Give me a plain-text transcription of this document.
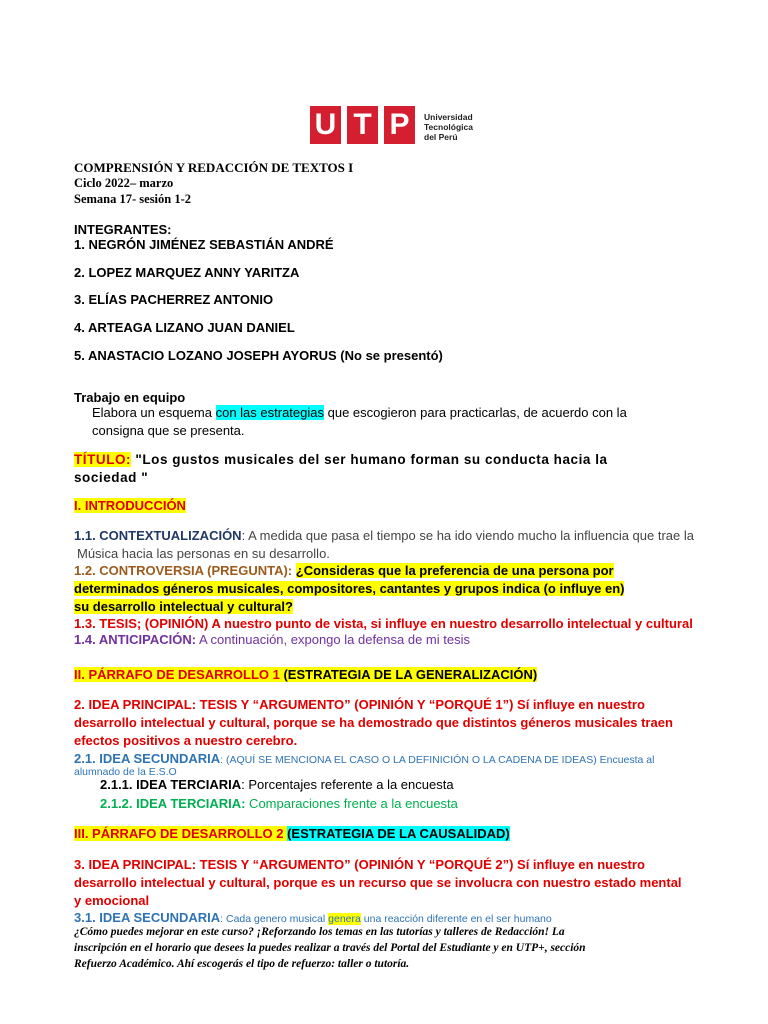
U T P	Universidad
Tecnológica
del Perú
COMPRENSIÓN Y REDACCIÓN DE TEXTOS I
Ciclo 2022– marzo
Semana 17- sesión 1-2
INTEGRANTES:
1. NEGRÓN JIMÉNEZ SEBASTIÁN ANDRÉ
2. LOPEZ MARQUEZ ANNY YARITZA
3. ELÍAS PACHERREZ ANTONIO
4. ARTEAGA LIZANO JUAN DANIEL
5. ANASTACIO LOZANO JOSEPH AYORUS (No se presentó)
Trabajo en equipo
Elabora un esquema con las estrategias que escogieron para practicarlas, de acuerdo con la
consigna que se presenta.
TÍTULO: "Los gustos musicales del ser humano forman su conducta hacia la
sociedad "
I. INTRODUCCIÓN
1.1. CONTEXTUALIZACIÓN: A medida que pasa el tiempo se ha ido viendo mucho la influencia que trae la
Música hacia las personas en su desarrollo.
1.2. CONTROVERSIA (PREGUNTA): ¿Consideras que la preferencia de una persona por
determinados géneros musicales, compositores, cantantes y grupos indica (o influye en)
su desarrollo intelectual y cultural?
1.3. TESIS; (OPINIÓN) A nuestro punto de vista, si influye en nuestro desarrollo intelectual y cultural
1.4. ANTICIPACIÓN: A continuación, expongo la defensa de mi tesis
II. PÁRRAFO DE DESARROLLO 1 (ESTRATEGIA DE LA GENERALIZACIÓN)
2. IDEA PRINCIPAL: TESIS Y “ARGUMENTO” (OPINIÓN Y “PORQUÉ 1”) Sí influye en nuestro
desarrollo intelectual y cultural, porque se ha demostrado que distintos géneros musicales traen
efectos positivos a nuestro cerebro.
2.1. IDEA SECUNDARIA: (AQUÍ SE MENCIONA EL CASO O LA DEFINICIÓN O LA CADENA DE IDEAS) Encuesta al
alumnado de la E.S.O
2.1.1. IDEA TERCIARIA: Porcentajes referente a la encuesta
2.1.2. IDEA TERCIARIA: Comparaciones frente a la encuesta
III. PÁRRAFO DE DESARROLLO 2 (ESTRATEGIA DE LA CAUSALIDAD)
3. IDEA PRINCIPAL: TESIS Y “ARGUMENTO” (OPINIÓN Y “PORQUÉ 2”) Sí influye en nuestro
desarrollo intelectual y cultural, porque es un recurso que se involucra con nuestro estado mental
y emocional
3.1. IDEA SECUNDARIA: Cada genero musical genera una reacción diferente en el ser humano
¿Cómo puedes mejorar en este curso? ¡Reforzando los temas en las tutorías y talleres de Redacción! La
inscripción en el horario que desees la puedes realizar a través del Portal del Estudiante y en UTP+, sección
Refuerzo Académico. Ahí escogerás el tipo de refuerzo: taller o tutoría.
